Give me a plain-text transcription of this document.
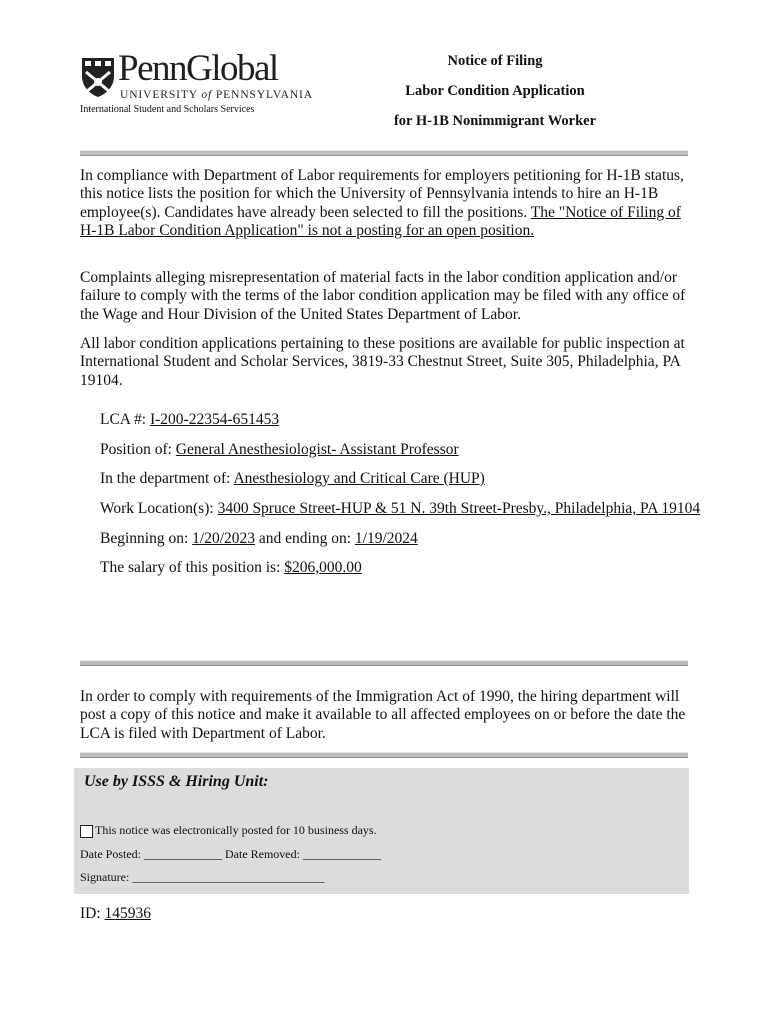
PennGlobal
UNIVERSITY of PENNSYLVANIA
International Student and Scholars Services
Notice of Filing
Labor Condition Application
for H-1B Nonimmigrant Worker
In compliance with Department of Labor requirements for employers petitioning for H-1B status, this notice lists the position for which the University of Pennsylvania intends to hire an H-1B employee(s). Candidates have already been selected to fill the positions. The "Notice of Filing of H-1B Labor Condition Application" is not a posting for an open position.
Complaints alleging misrepresentation of material facts in the labor condition application and/or failure to comply with the terms of the labor condition application may be filed with any office of the Wage and Hour Division of the United States Department of Labor.
All labor condition applications pertaining to these positions are available for public inspection at International Student and Scholar Services, 3819-33 Chestnut Street, Suite 305, Philadelphia, PA 19104.
LCA #: I-200-22354-651453
Position of: General Anesthesiologist- Assistant Professor
In the department of: Anesthesiology and Critical Care (HUP)
Work Location(s): 3400 Spruce Street-HUP & 51 N. 39th Street-Presby., Philadelphia, PA 19104
Beginning on: 1/20/2023 and ending on: 1/19/2024
The salary of this position is: $206,000.00
In order to comply with requirements of the Immigration Act of 1990, the hiring department will post a copy of this notice and make it available to all affected employees on or before the date the LCA is filed with Department of Labor.
Use by ISSS & Hiring Unit:
This notice was electronically posted for 10 business days.
Date Posted: _____________ Date Removed: _____________
Signature: ________________________________
ID: 145936
